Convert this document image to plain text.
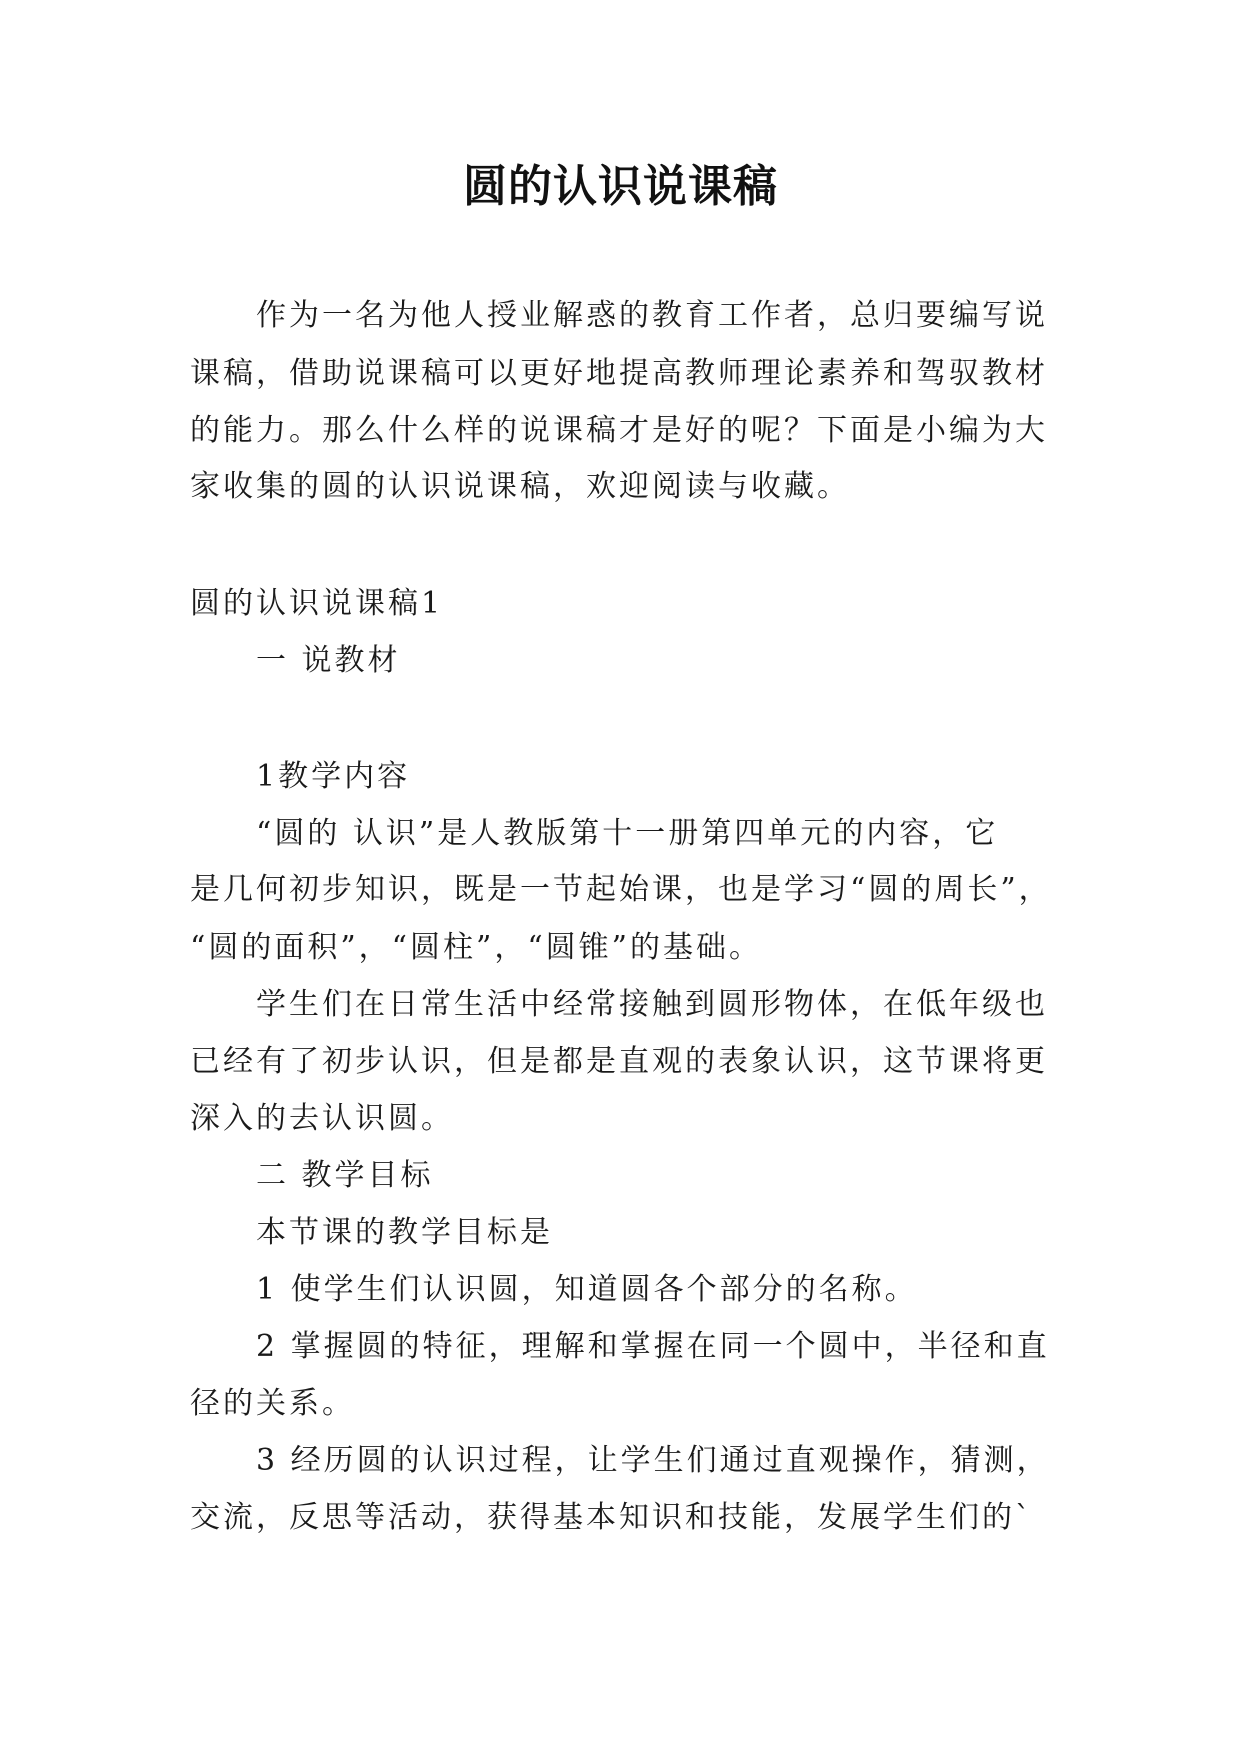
圆的认识说课稿
作为一名为他人授业解惑的教育工作者，总归要编写说
课稿，借助说课稿可以更好地提高教师理论素养和驾驭教材
的能力。那么什么样的说课稿才是好的呢？下面是小编为大
家收集的圆的认识说课稿，欢迎阅读与收藏。
圆的认识说课稿1
一 说教材
1教学内容
“圆的 认识”是人教版第十一册第四单元的内容，它
是几何初步知识，既是一节起始课，也是学习“圆的周长”，
“圆的面积”，“圆柱”，“圆锥”的基础。
学生们在日常生活中经常接触到圆形物体，在低年级也
已经有了初步认识，但是都是直观的表象认识，这节课将更
深入的去认识圆。
二 教学目标
本节课的教学目标是
1 使学生们认识圆，知道圆各个部分的名称。
2 掌握圆的特征，理解和掌握在同一个圆中，半径和直
径的关系。
3 经历圆的认识过程，让学生们通过直观操作，猜测，
交流，反思等活动，获得基本知识和技能，发展学生们的`
